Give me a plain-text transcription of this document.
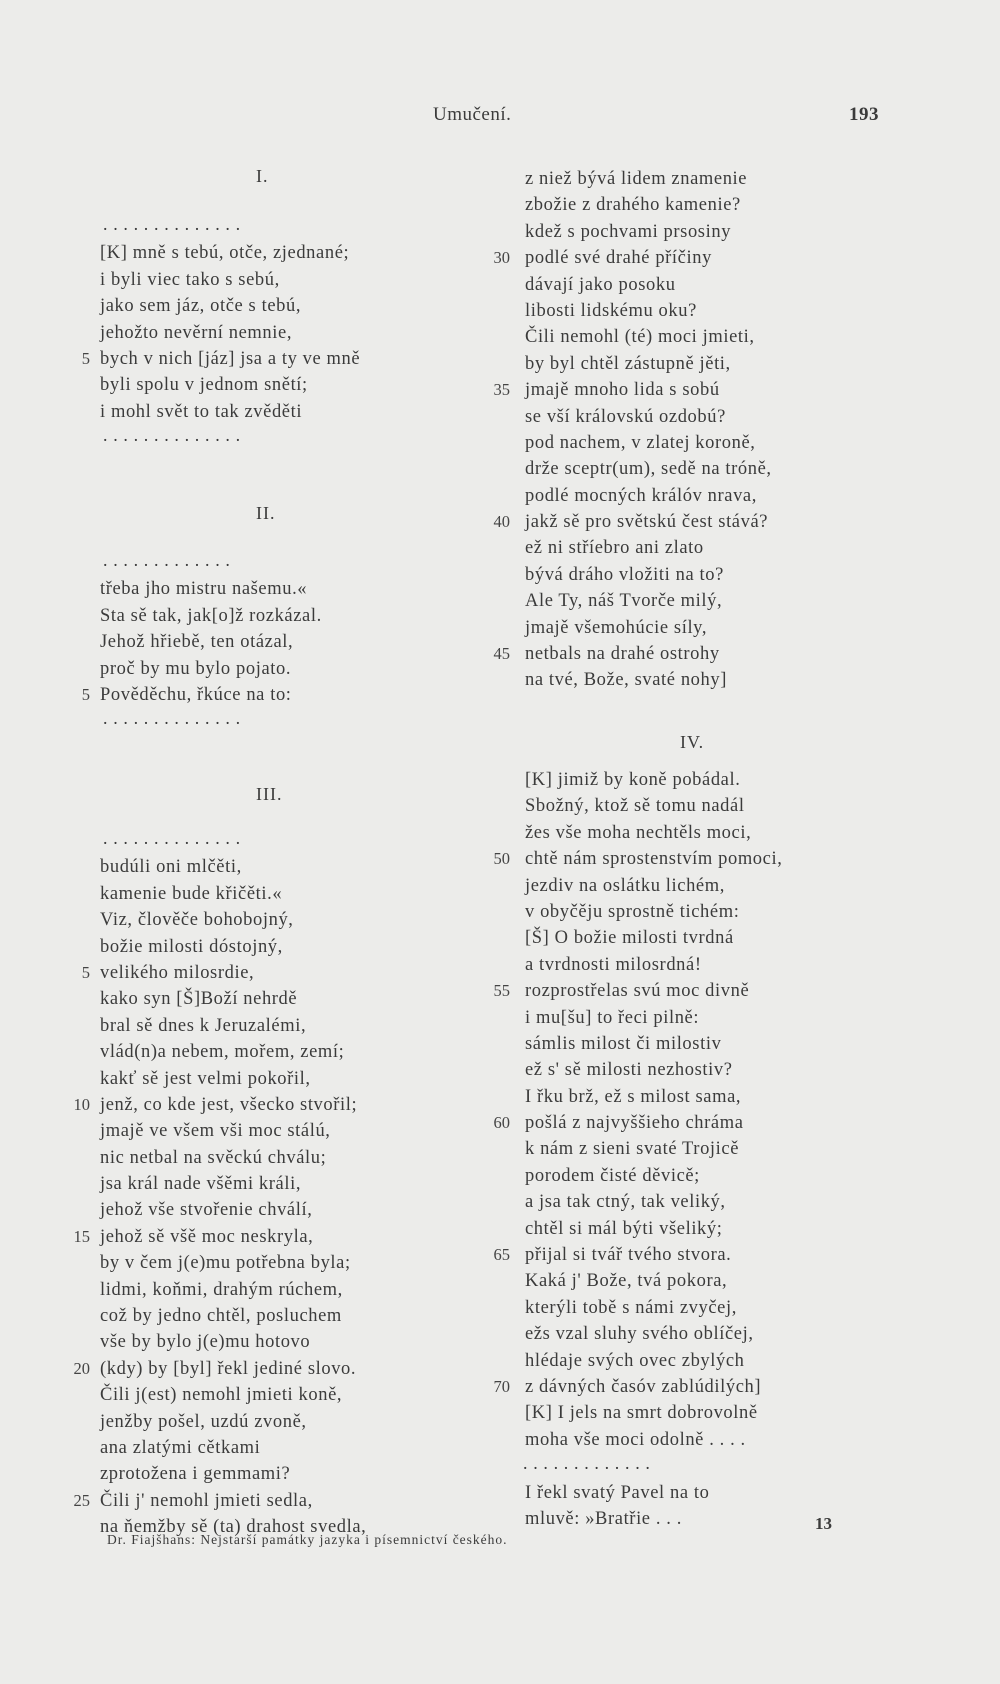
Umučení.	193
I.
. . . . . . . . . . . . . .
[K] mně s tebú, otče, zjednané;
i byli viec tako s sebú,
jako sem jáz, otče s tebú,
jehožto nevěrní nemnie,
5 bych v nich [jáz] jsa a ty ve mně
byli spolu v jednom snětí;
i mohl svět to tak zvěděti
. . . . . . . . . . . . . .
II.
. . . . . . . . . . . . .
třeba jho mistru našemu.«
Sta sě tak, jak[o]ž rozkázal.
Jehož hřiebě, ten otázal,
proč by mu bylo pojato.
5 Pověděchu, řkúce na to:
. . . . . . . . . . . . . .
III.
. . . . . . . . . . . . . .
budúli oni mlčěti,
kamenie bude křičěti.«
Viz, člověče bohobojný,
božie milosti dóstojný,
5 velikého milosrdie,
kako syn [Š]Boží nehrdě
bral sě dnes k Jeruzalémi,
vlád(n)a nebem, mořem, zemí;
kakť sě jest velmi pokořil,
10 jenž, co kde jest, všecko stvořil;
jmajě ve všem vši moc stálú,
nic netbal na svěckú chválu;
jsa král nade všěmi králi,
jehož vše stvořenie chválí,
15 jehož sě všě moc neskryla,
by v čem j(e)mu potřebna byla;
lidmi, koňmi, drahým rúchem,
což by jedno chtěl, posluchem
vše by bylo j(e)mu hotovo
20 (kdy) by [byl] řekl jediné slovo.
Čili j(est) nemohl jmieti koně,
jenžby pošel, uzdú zvoně,
ana zlatými cětkami
zprotožena i gemmami?
25 Čili j' nemohl jmieti sedla,
na ňemžby sě (ta) drahost svedla,
z niež bývá lidem znamenie
zbožie z drahého kamenie?
kdež s pochvami prsosiny
30 podlé své drahé příčiny
dávají jako posoku
libosti lidskému oku?
Čili nemohl (té) moci jmieti,
by byl chtěl zástupně jěti,
35 jmajě mnoho lida s sobú
se vší královskú ozdobú?
pod nachem, v zlatej koroně,
drže sceptr(um), sedě na tróně,
podlé mocných králóv nrava,
40 jakž sě pro světskú čest stává?
ež ni stříebro ani zlato
bývá dráho vložiti na to?
Ale Ty, náš Tvorče milý,
jmajě všemohúcie síly,
45 netbals na drahé ostrohy
na tvé, Bože, svaté nohy]
IV.
[K] jimiž by koně pobádal.
Sbožný, ktož sě tomu nadál
žes vše moha nechtěls moci,
50 chtě nám sprostenstvím pomoci,
jezdiv na oslátku lichém,
v obyčěju sprostně tichém:
[Š] O božie milosti tvrdná
a tvrdnosti milosrdná!
55 rozprostřelas svú moc divně
i mu[šu] to řeci pilně:
sámlis milost či milostiv
ež s' sě milosti nezhostiv?
I řku brž, ež s milost sama,
60 pošlá z najvyššieho chráma
k nám z sieni svaté Trojicě
porodem čisté děvicě;
a jsa tak ctný, tak veliký,
chtěl si mál býti všeliký;
65 přijal si tvář tvého stvora.
Kaká j' Bože, tvá pokora,
kterýli tobě s námi zvyčej,
ežs vzal sluhy svého oblíčej,
hlédaje svých ovec zbylých
70 z dávných časóv zablúdilých]
[K] I jels na smrt dobrovolně
moha vše moci odolně . . . .
. . . . . . . . . . . . .
I řekl svatý Pavel na to
mluvě: »Bratřie . . .
Dr. Fiajšhans: Nejstarší památky jazyka i písemnictví českého.
13
